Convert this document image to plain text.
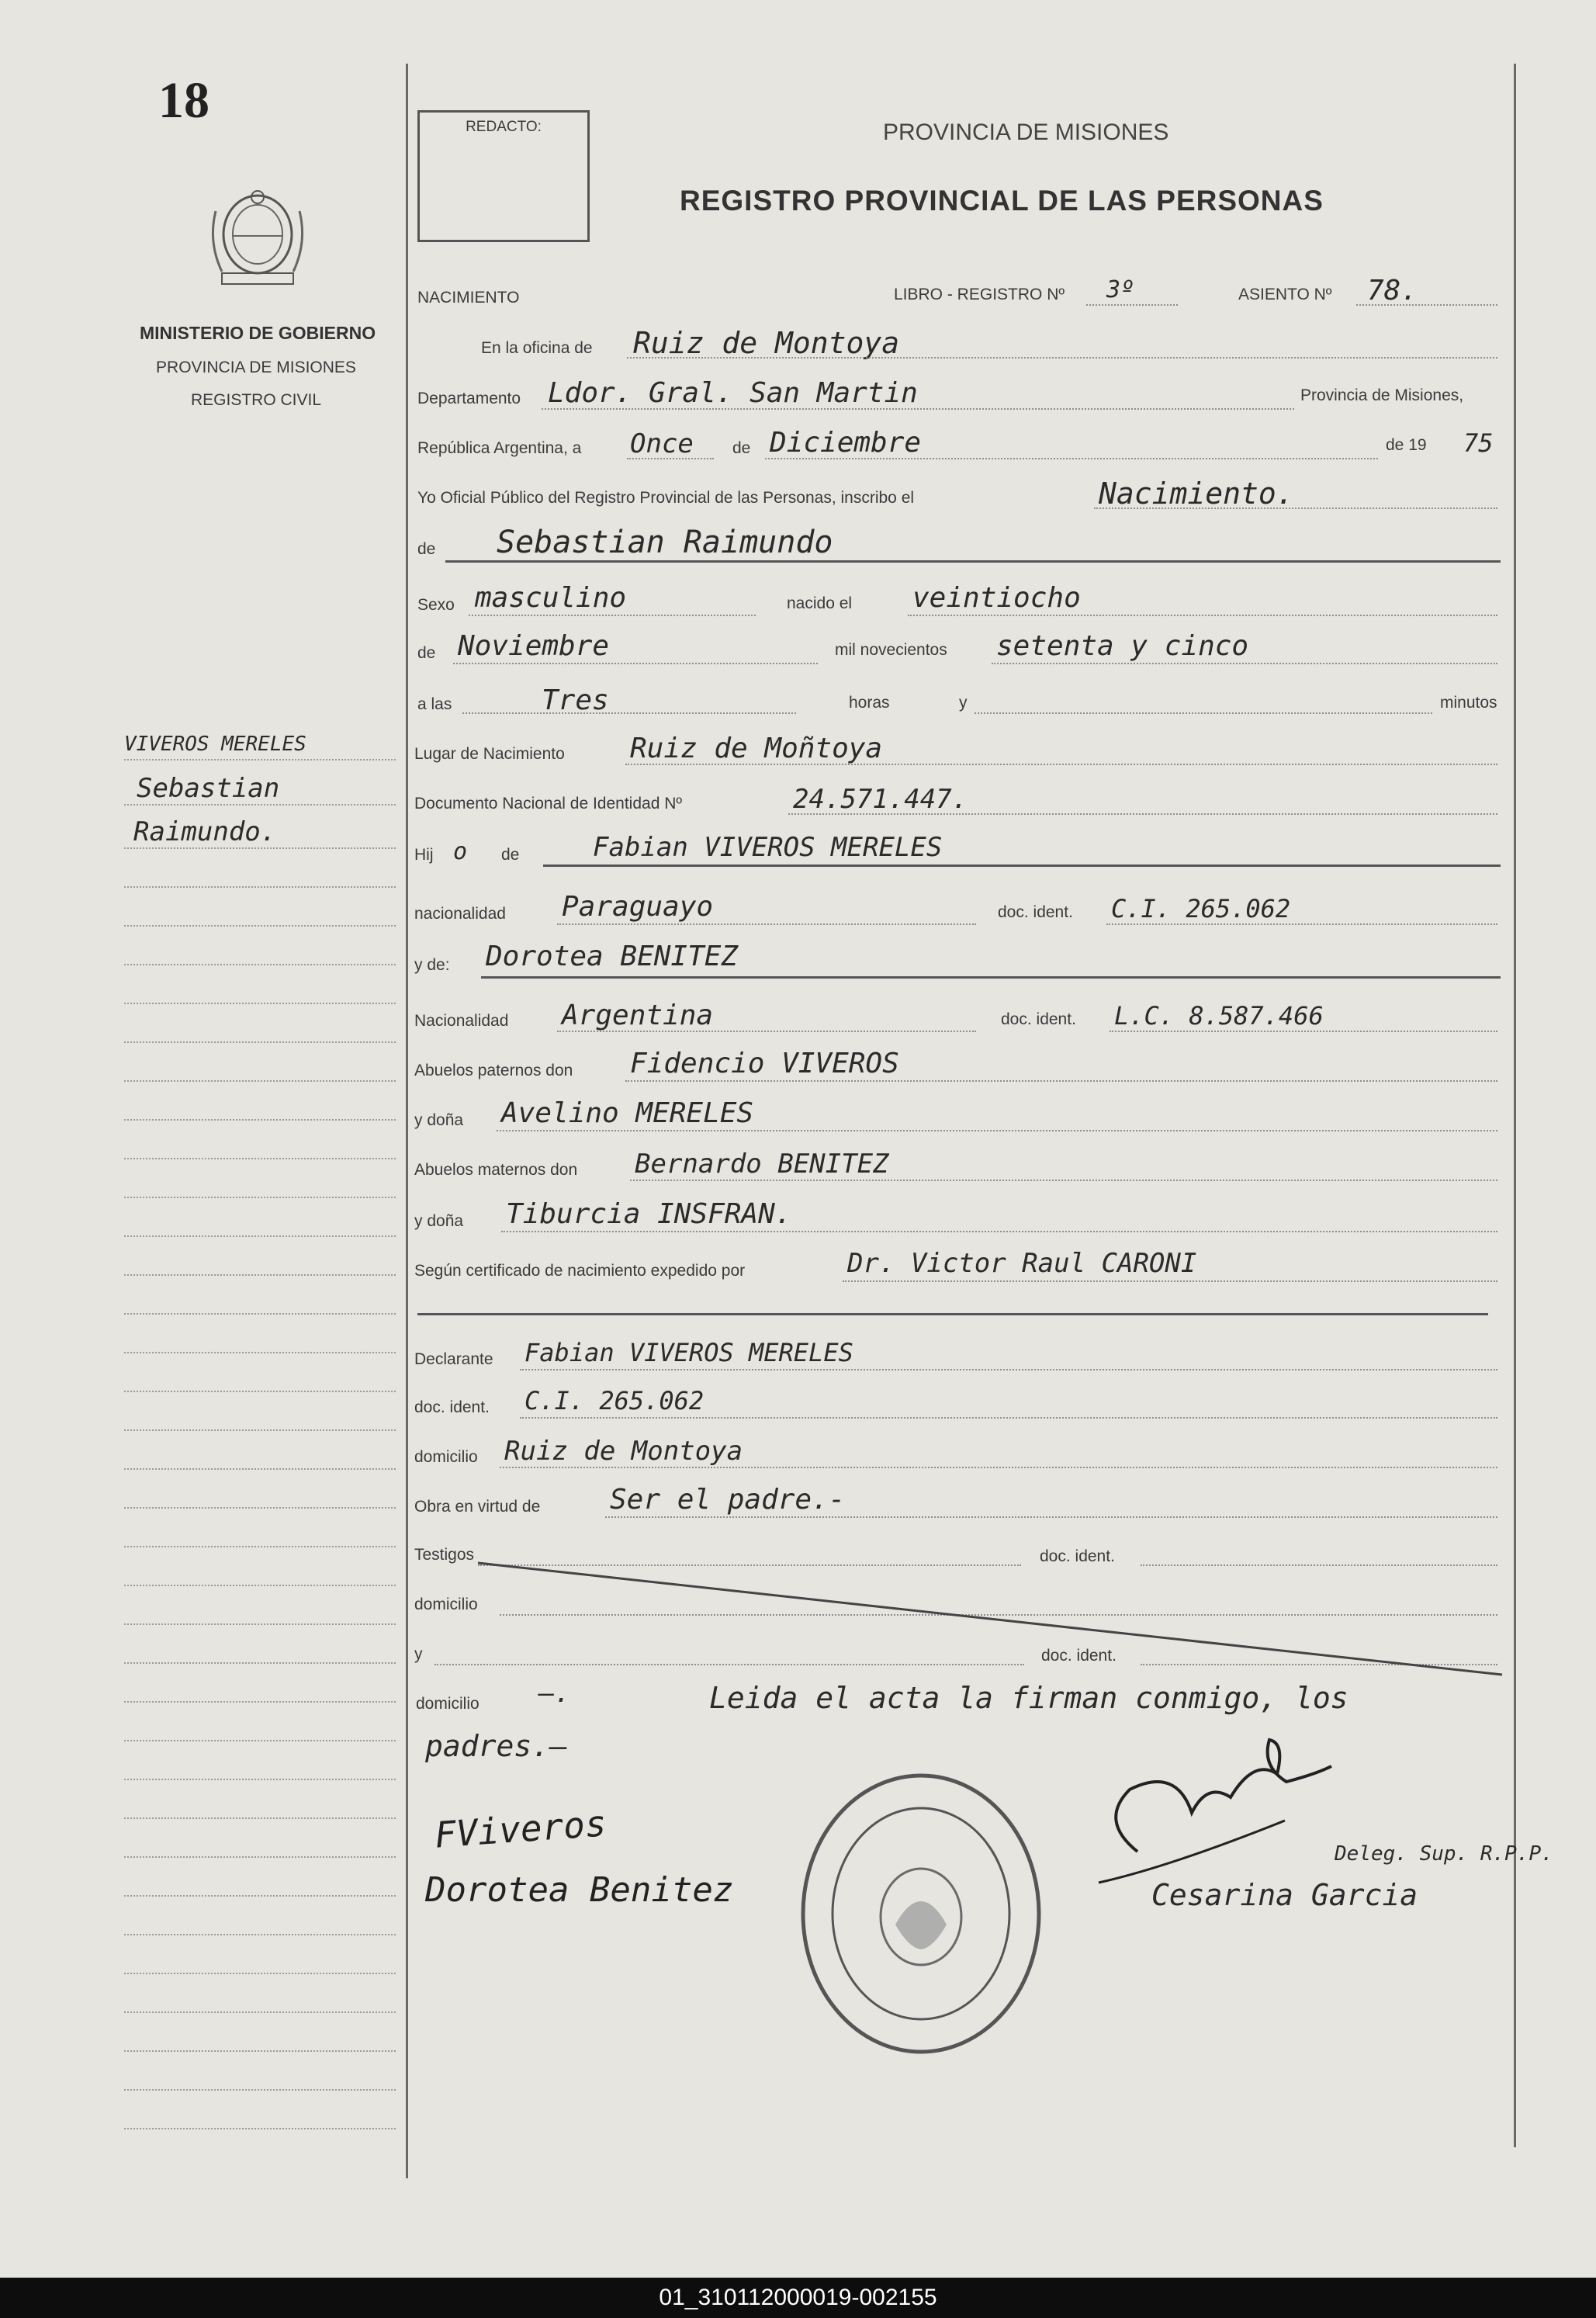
18
MINISTERIO DE GOBIERNO
PROVINCIA DE MISIONES
REGISTRO CIVIL
REDACTO:	PROVINCIA DE MISIONES
REGISTRO PROVINCIAL DE LAS PERSONAS
VIVEROS MERELES
Sebastian
Raimundo.
NACIMIENTO	LIBRO - REGISTRO Nº 3º	ASIENTO Nº 78.
En la oficina de Ruiz de Montoya
Departamento Ldor. Gral. San Martin	Provincia de Misiones,
República Argentina, a Once de Diciembre	de 19 75
Yo Oficial Público del Registro Provincial de las Personas, inscribo el	Nacimiento.
de Sebastian Raimundo
Sexo masculino	nacido el veintiocho
de Noviembre	mil novecientos setenta y cinco
a las	Tres	horas	y	minutos
Lugar de Nacimiento Ruiz de Moñtoya
Documento Nacional de Identidad Nº	24.571.447.
Hij o de	Fabian VIVEROS MERELES
nacionalidad Paraguayo	doc. ident. C.I. 265.062
y de: Dorotea BENITEZ
Nacionalidad Argentina	doc. ident. L.C. 8.587.466
Abuelos paternos don Fidencio VIVEROS
y doña Avelino MERELES
Abuelos maternos don Bernardo BENITEZ
y doña Tiburcia INSFRAN.
Según certificado de nacimiento expedido por	Dr. Victor Raul CARONI
Declarante Fabian VIVEROS MERELES
doc. ident. C.I. 265.062
domicilio Ruiz de Montoya
Obra en virtud de Ser el padre.-
Testigos	doc. ident.
domicilio
y	doc. ident.
domicilio —.	Leida el acta la firman conmigo, los
padres.—
FViveros
Dorotea Benitez
Deleg. Sup. R.P.P.
Cesarina Garcia
01_310112000019-002155
